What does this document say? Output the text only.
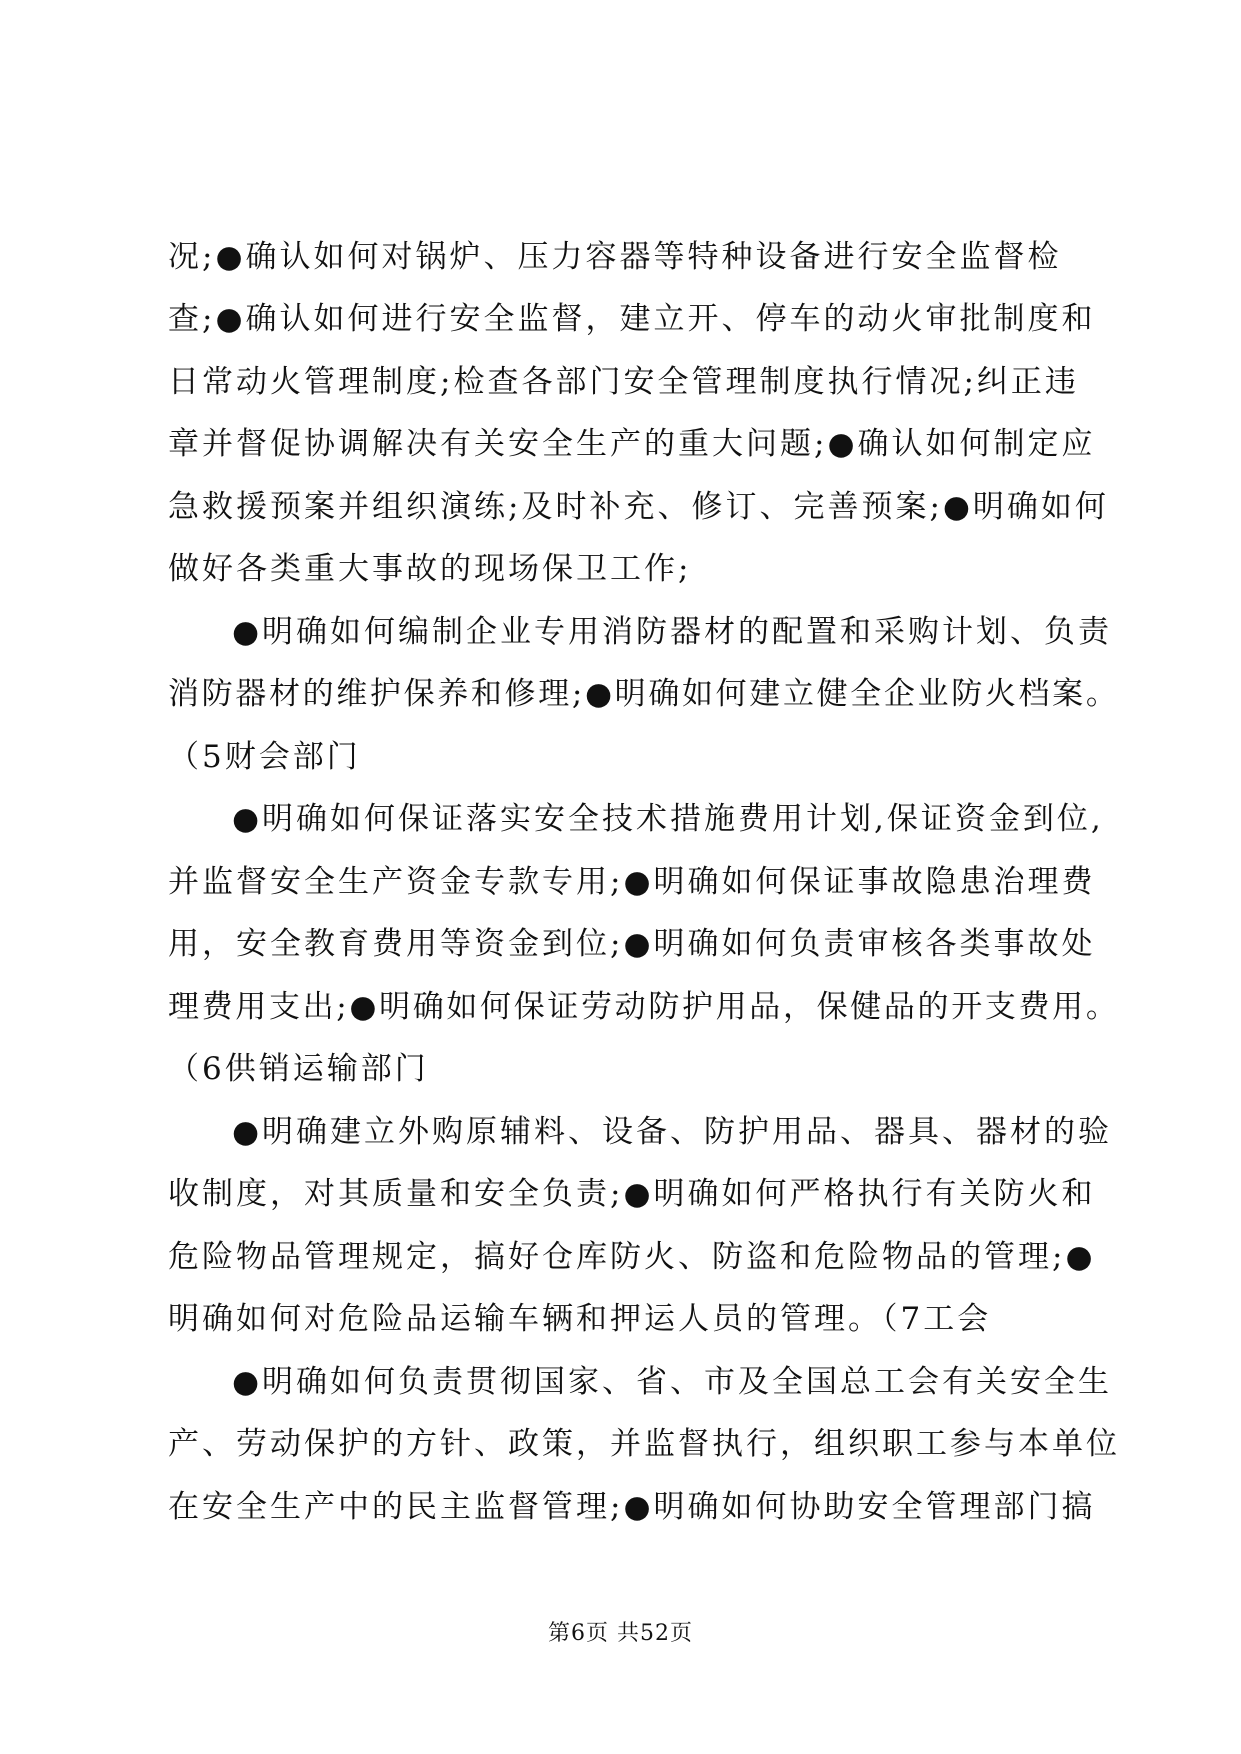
况;●确认如何对锅炉、压力容器等特种设备进行安全监督检
查;●确认如何进行安全监督，建立开、停车的动火审批制度和
日常动火管理制度;检查各部门安全管理制度执行情况;纠正违
章并督促协调解决有关安全生产的重大问题;●确认如何制定应
急救援预案并组织演练;及时补充、修订、完善预案;●明确如何
做好各类重大事故的现场保卫工作;
●明确如何编制企业专用消防器材的配置和采购计划、负责
消防器材的维护保养和修理;●明确如何建立健全企业防火档案。
（5财会部门
●明确如何保证落实安全技术措施费用计划,保证资金到位,
并监督安全生产资金专款专用;●明确如何保证事故隐患治理费
用，安全教育费用等资金到位;●明确如何负责审核各类事故处
理费用支出;●明确如何保证劳动防护用品，保健品的开支费用。
（6供销运输部门
●明确建立外购原辅料、设备、防护用品、器具、器材的验
收制度，对其质量和安全负责;●明确如何严格执行有关防火和
危险物品管理规定，搞好仓库防火、防盗和危险物品的管理;●
明确如何对危险品运输车辆和押运人员的管理。（7工会
●明确如何负责贯彻国家、省、市及全国总工会有关安全生
产、劳动保护的方针、政策，并监督执行，组织职工参与本单位
在安全生产中的民主监督管理;●明确如何协助安全管理部门搞
第6页 共52页
